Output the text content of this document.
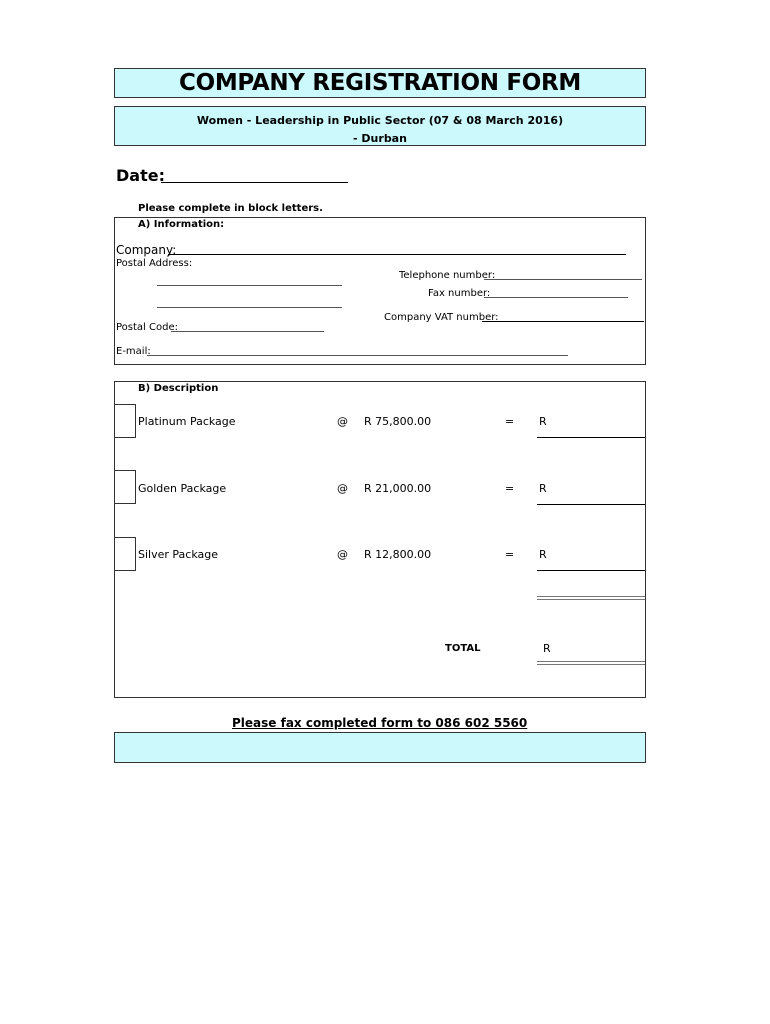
COMPANY REGISTRATION FORM
Women - Leadership in Public Sector (07 & 08 March 2016)
- Durban
Date:
Please complete in block letters.
A) Information:
Company:
Postal Address:
Telephone number:
Fax number:
Company VAT number:
Postal Code:
E-mail:
B) Description
Platinum Package	@ R 75,800.00	= R
Golden Package	@ R 21,000.00	= R
Silver Package	@ R 12,800.00	= R
TOTAL	R
Please fax completed form to 086 602 5560
